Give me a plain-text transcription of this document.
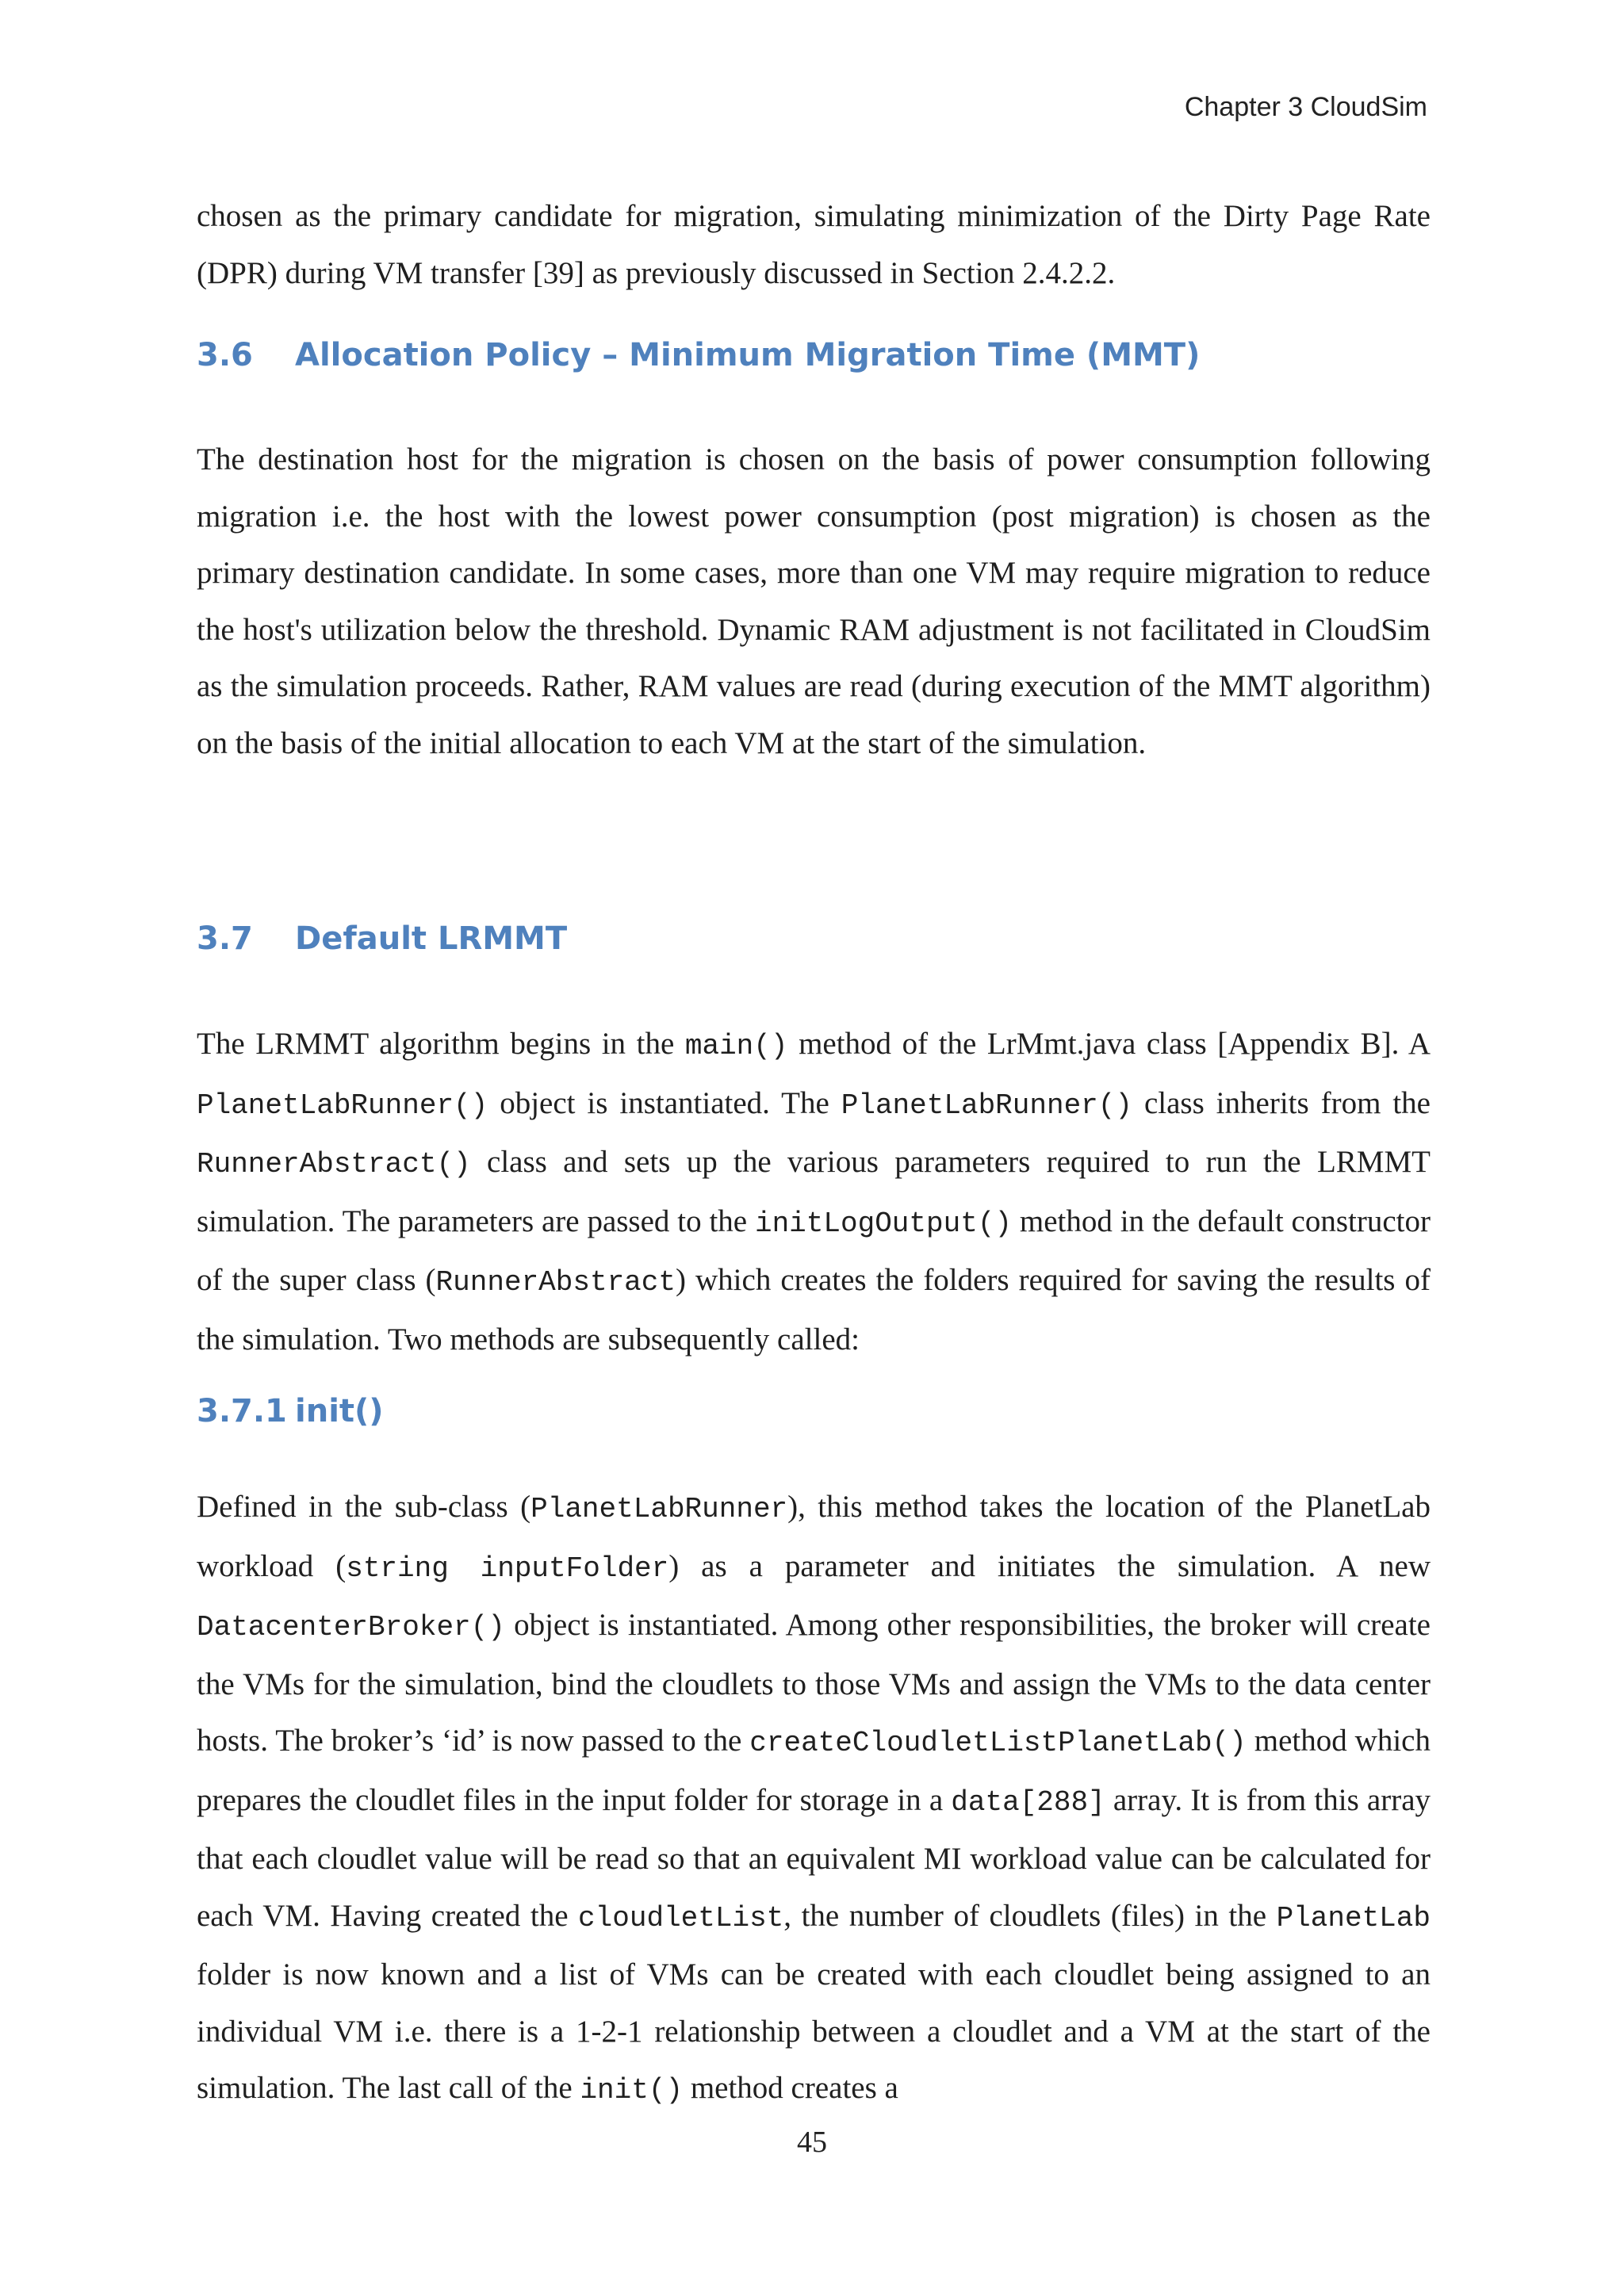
Chapter 3 CloudSim

chosen as the primary candidate for migration, simulating minimization of the Dirty Page Rate (DPR) during VM transfer [39] as previously discussed in Section 2.4.2.2.

3.6 Allocation Policy – Minimum Migration Time (MMT)

The destination host for the migration is chosen on the basis of power consumption following migration i.e. the host with the lowest power consumption (post migration) is chosen as the primary destination candidate. In some cases, more than one VM may require migration to reduce the host's utilization below the threshold. Dynamic RAM adjustment is not facilitated in CloudSim as the simulation proceeds. Rather, RAM values are read (during execution of the MMT algorithm) on the basis of the initial allocation to each VM at the start of the simulation.

3.7 Default LRMMT

The LRMMT algorithm begins in the main() method of the LrMmt.java class [Appendix B]. A PlanetLabRunner() object is instantiated. The PlanetLabRunner() class inherits from the RunnerAbstract() class and sets up the various parameters required to run the LRMMT simulation. The parameters are passed to the initLogOutput() method in the default constructor of the super class (RunnerAbstract) which creates the folders required for saving the results of the simulation. Two methods are subsequently called:

3.7.1 init()

Defined in the sub-class (PlanetLabRunner), this method takes the location of the PlanetLab workload (string inputFolder) as a parameter and initiates the simulation. A new DatacenterBroker() object is instantiated. Among other responsibilities, the broker will create the VMs for the simulation, bind the cloudlets to those VMs and assign the VMs to the data center hosts. The broker’s ‘id’ is now passed to the createCloudletListPlanetLab() method which prepares the cloudlet files in the input folder for storage in a data[288] array. It is from this array that each cloudlet value will be read so that an equivalent MI workload value can be calculated for each VM. Having created the cloudletList, the number of cloudlets (files) in the PlanetLab folder is now known and a list of VMs can be created with each cloudlet being assigned to an individual VM i.e. there is a 1-2-1 relationship between a cloudlet and a VM at the start of the simulation. The last call of the init() method creates a

45
